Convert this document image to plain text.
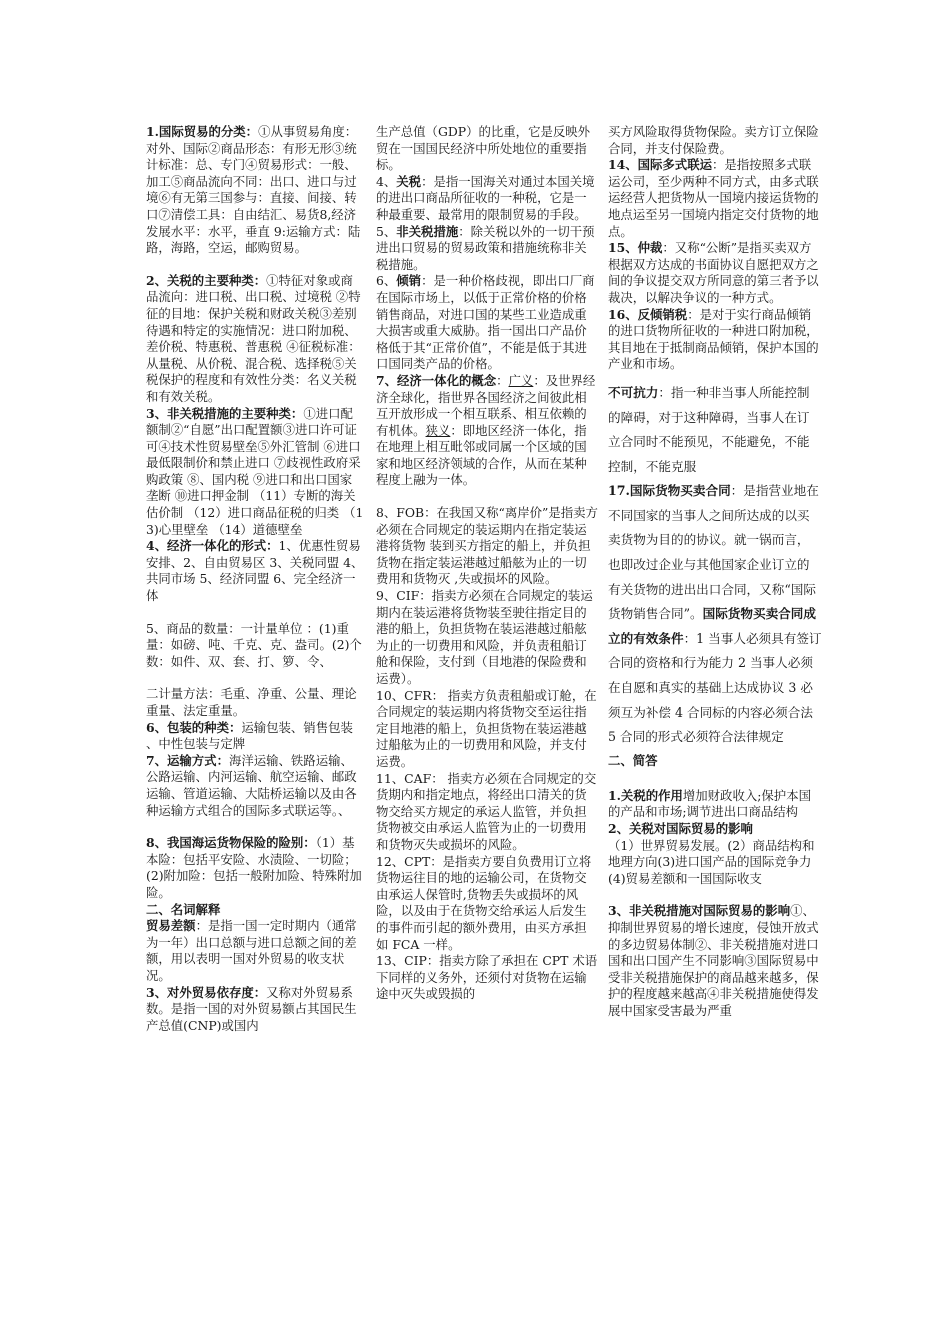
1.国际贸易的分类：①从事贸易角度：对外、国际②商品形态：有形无形③统计标准：总、专门④贸易形式：一般、加工⑤商品流向不同：出口、进口与过境⑥有无第三国参与：直接、间接、转口⑦清偿工具：自由结汇、易货8,经济发展水平：水平，垂直 9:运输方式：陆路，海路，空运，邮购贸易。

2、关税的主要种类：①特征对象或商品流向：进口税、出口税、过境税 ②特征的目地：保护关税和财政关税③差别待遇和特定的实施情况：进口附加税、差价税、特惠税、普惠税 ④征税标准：从量税、从价税、混合税、选择税⑤关税保护的程度和有效性分类：名义关税和有效关税。

3、非关税措施的主要种类：①进口配额制②“自愿”出口配置额③进口许可证可④技术性贸易壁垒⑤外汇管制 ⑥进口最低限制价和禁止进口 ⑦歧视性政府采购政策 ⑧、国内税 ⑨进口和出口国家垄断 ⑩进口押金制 （11）专断的海关估价制 （12）进口商品征税的归类 （13)心里壁垒 （14）道德壁垒

4、经济一体化的形式：1、优惠性贸易安排、2、自由贸易区 3、关税同盟 4、共同市场 5、经济同盟 6、完全经济一体

5、商品的数量：一计量单位 ：(1)重量：如磅、吨、千克、克、盎司。(2)个数：如件、双、套、打、箩、令、

二计量方法：毛重、净重、公量、理论重量、法定重量。

6、包装的种类：运输包装、销售包装 、中性包装与定牌

7、运输方式：海洋运输、铁路运输、公路运输、内河运输、航空运输、邮政运输、管道运输、大陆桥运输以及由各种运输方式组合的国际多式联运等。、

8、我国海运货物保险的险别：（1）基本险：包括平安险、水渍险、一切险；(2)附加险：包括一般附加险、特殊附加险。

二、名词解释

贸易差额：是指一国一定时期内（通常为一年）出口总额与进口总额之间的差额，用以表明一国对外贸易的收支状况。

3、对外贸易依存度：又称对外贸易系数。是指一国的对外贸易额占其国民生产总值(CNP)或国内

生产总值（GDP）的比重，它是反映外贸在一国国民经济中所处地位的重要指标。

4、关税：是指一国海关对通过本国关境的进出口商品所征收的一种税，它是一种最重要、最常用的限制贸易的手段。

5、非关税措施：除关税以外的一切干预进出口贸易的贸易政策和措施统称非关税措施。

6、倾销：是一种价格歧视，即出口厂商在国际市场上，以低于正常价格的价格销售商品，对进口国的某些工业造成重大损害或重大威胁。指一国出口产品价格低于其“正常价值”，不能是低于其进口国同类产品的价格。

7、经济一体化的概念：广义：及世界经济全球化，指世界各国经济之间彼此相互开放形成一个相互联系、相互依赖的有机体。狭义：即地区经济一体化，指在地理上相互毗邻或同属一个区域的国家和地区经济领域的合作，从而在某种程度上融为一体。

8、FOB：在我国又称“离岸价”是指卖方必须在合同规定的装运期内在指定装运港将货物 装到买方指定的船上，并负担货物在指定装运港越过船舷为止的一切费用和货物灭 ,失或损坏的风险。

9、CIF：指卖方必须在合同规定的装运期内在装运港将货物装至驶往指定目的港的船上，负担货物在装运港越过船舷为止的一切费用和风险，并负责租船订舱和保险，支付到（目地港的保险费和运费）。

10、CFR： 指卖方负责租船或订舱，在合同规定的装运期内将货物交至运往指定目地港的船上，负担货物在装运港越过船舷为止的一切费用和风险，并支付运费。

11、CAF： 指卖方必须在合同规定的交货期内和指定地点，将经出口清关的货物交给买方规定的承运人监管，并负担货物被交由承运人监管为止的一切费用和货物灭失或损坏的风险。

12、CPT：是指卖方要自负费用订立将货物运往目的地的运输公司，在货物交由承运人保管时,货物丢失或损坏的风险，以及由于在货物交给承运人后发生的事件而引起的额外费用，由买方承担如 FCA 一样。

13、CIP：指卖方除了承担在 CPT 术语下同样的义务外，还须付对货物在运输途中灭失或毁损的

买方风险取得货物保险。卖方订立保险合同，并支付保险费。

14、国际多式联运：是指按照多式联运公司，至少两种不同方式，由多式联运经营人把货物从一国境内接运货物的地点运至另一国境内指定交付货物的地点。

15、仲裁：又称“公断”是指买卖双方根据双方达成的书面协议自愿把双方之间的争议提交双方所同意的第三者予以裁决，以解决争议的一种方式。

16、反倾销税：是对于实行商品倾销的进口货物所征收的一种进口附加税，其目地在于抵制商品倾销，保护本国的产业和市场。

不可抗力：指一种非当事人所能控制的障碍，对于这种障碍，当事人在订立合同时不能预见，不能避免，不能控制，不能克服

17.国际货物买卖合同：是指营业地在不同国家的当事人之间所达成的以买卖货物为目的的协议。就一锅而言，也即改过企业与其他国家企业订立的有关货物的进出出口合同，又称“国际货物销售合同”。国际货物买卖合同成立的有效条件：1 当事人必须具有签订合同的资格和行为能力 2 当事人必须在自愿和真实的基础上达成协议 3 必须互为补偿 4 合同标的内容必须合法 5 合同的形式必须符合法律规定

二、简答

1.关税的作用增加财政收入;保护本国的产品和市场;调节进出口商品结构

2、关税对国际贸易的影响
（1）世界贸易发展。(2）商品结构和地理方向(3)进口国产品的国际竞争力(4)贸易差额和一国国际收支

3、非关税措施对国际贸易的影响①、抑制世界贸易的增长速度，侵蚀开放式的多边贸易体制②、非关税措施对进口国和出口国产生不同影响③国际贸易中受非关税措施保护的商品越来越多，保护的程度越来越高④非关税措施使得发展中国家受害最为严重
